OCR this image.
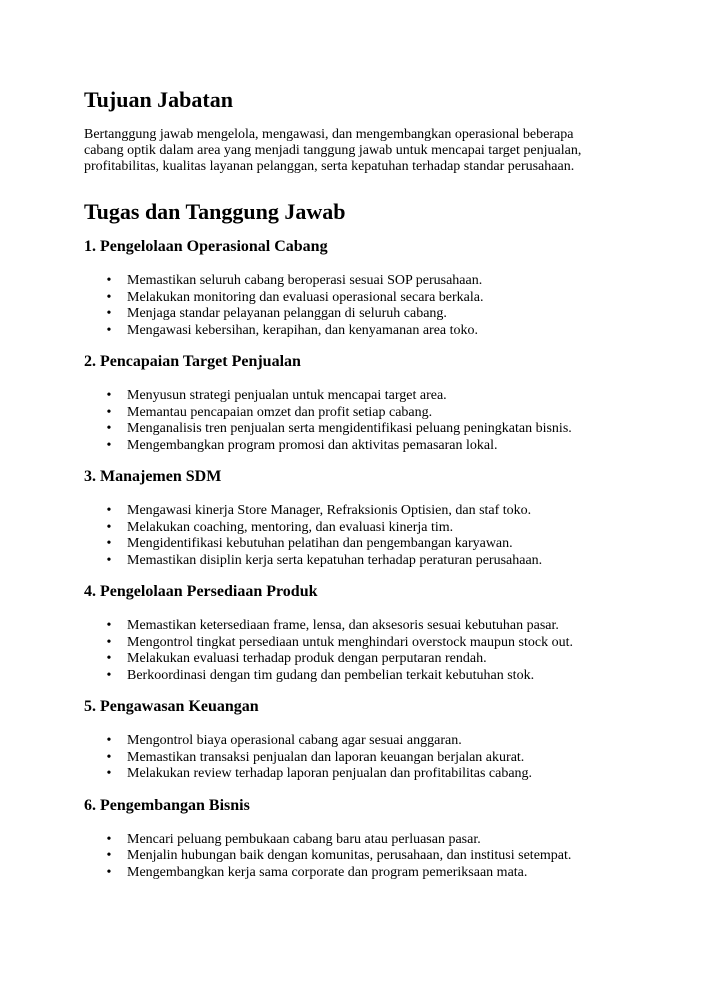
Tujuan Jabatan

Bertanggung jawab mengelola, mengawasi, dan mengembangkan operasional beberapa cabang optik dalam area yang menjadi tanggung jawab untuk mencapai target penjualan, profitabilitas, kualitas layanan pelanggan, serta kepatuhan terhadap standar perusahaan.

Tugas dan Tanggung Jawab
1. Pengelolaan Operasional Cabang
• Memastikan seluruh cabang beroperasi sesuai SOP perusahaan.
• Melakukan monitoring dan evaluasi operasional secara berkala.
• Menjaga standar pelayanan pelanggan di seluruh cabang.
• Mengawasi kebersihan, kerapihan, dan kenyamanan area toko.
2. Pencapaian Target Penjualan
• Menyusun strategi penjualan untuk mencapai target area.
• Memantau pencapaian omzet dan profit setiap cabang.
• Menganalisis tren penjualan serta mengidentifikasi peluang peningkatan bisnis.
• Mengembangkan program promosi dan aktivitas pemasaran lokal.
3. Manajemen SDM
• Mengawasi kinerja Store Manager, Refraksionis Optisien, dan staf toko.
• Melakukan coaching, mentoring, dan evaluasi kinerja tim.
• Mengidentifikasi kebutuhan pelatihan dan pengembangan karyawan.
• Memastikan disiplin kerja serta kepatuhan terhadap peraturan perusahaan.
4. Pengelolaan Persediaan Produk
• Memastikan ketersediaan frame, lensa, dan aksesoris sesuai kebutuhan pasar.
• Mengontrol tingkat persediaan untuk menghindari overstock maupun stock out.
• Melakukan evaluasi terhadap produk dengan perputaran rendah.
• Berkoordinasi dengan tim gudang dan pembelian terkait kebutuhan stok.
5. Pengawasan Keuangan
• Mengontrol biaya operasional cabang agar sesuai anggaran.
• Memastikan transaksi penjualan dan laporan keuangan berjalan akurat.
• Melakukan review terhadap laporan penjualan dan profitabilitas cabang.
6. Pengembangan Bisnis
• Mencari peluang pembukaan cabang baru atau perluasan pasar.
• Menjalin hubungan baik dengan komunitas, perusahaan, dan institusi setempat.
• Mengembangkan kerja sama corporate dan program pemeriksaan mata.
